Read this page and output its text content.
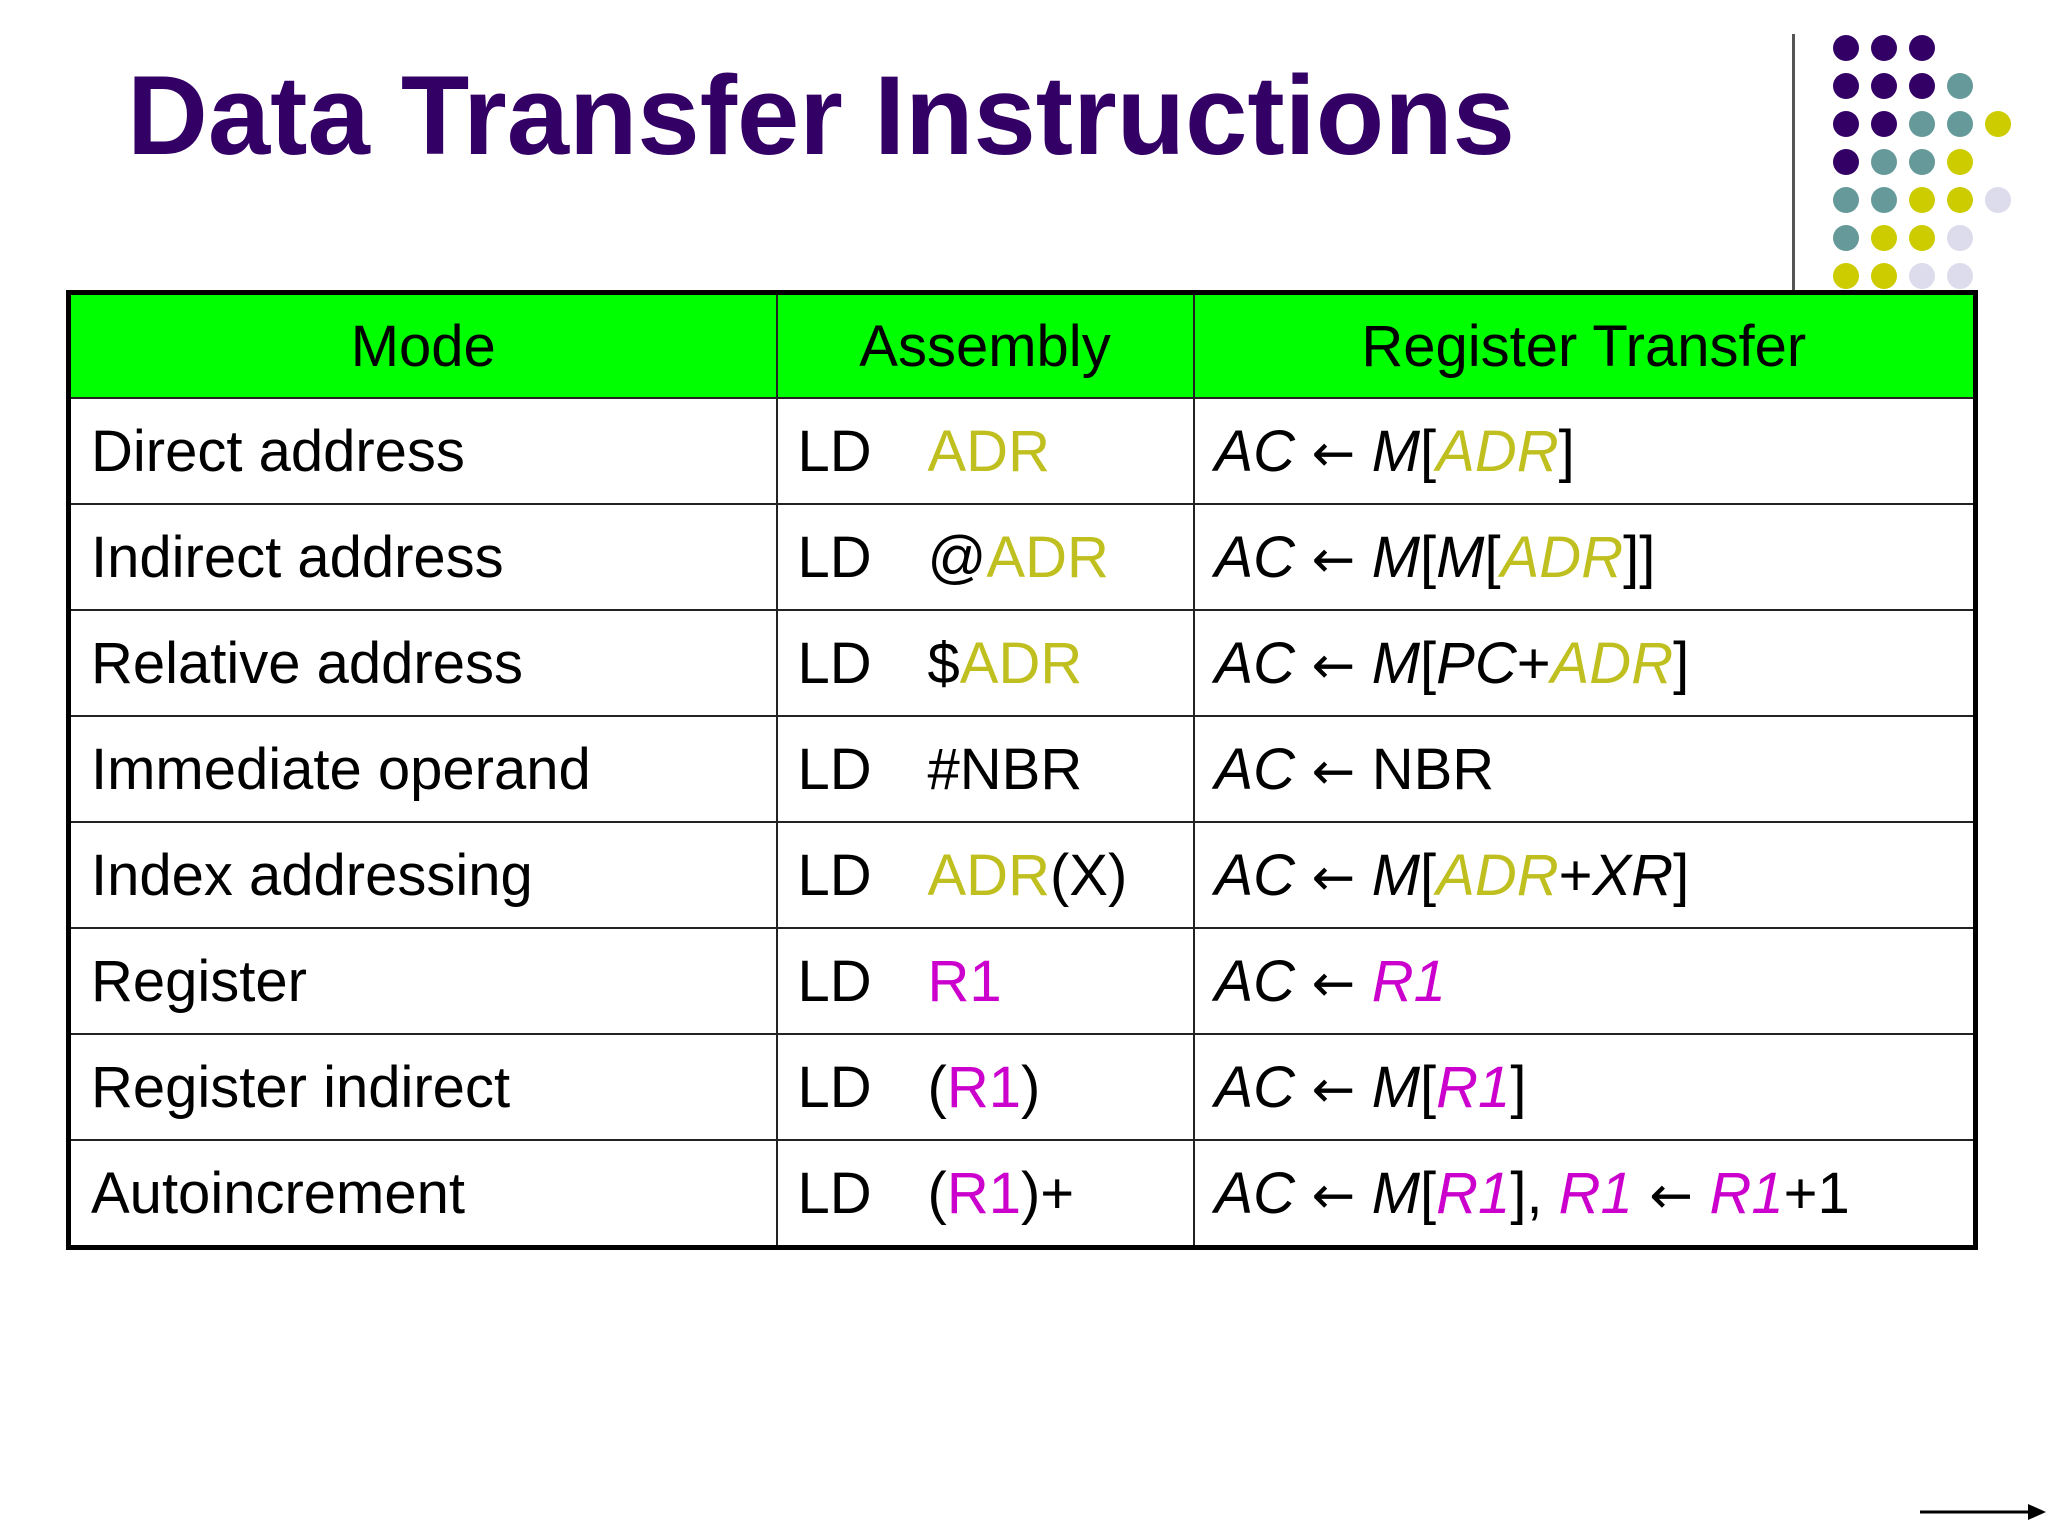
Data Transfer Instructions
Mode	Assembly	Register Transfer
Direct address	LD ADR	AC ← M[ADR]
Indirect address	LD @ADR	AC ← M[M[ADR]]
Relative address	LD $ADR	AC ← M[PC+ADR]
Immediate operand	LD #NBR	AC ← NBR
Index addressing	LD ADR(X)	AC ← M[ADR+XR]
Register	LD R1	AC ← R1
Register indirect	LD (R1)	AC ← M[R1]
Autoincrement	LD (R1)+	AC ← M[R1], R1 ← R1+1
